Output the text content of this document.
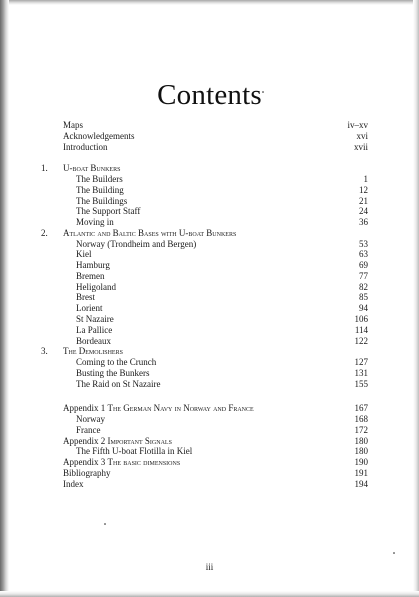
Contents
Maps	iv–xv
Acknowledgements	xvi
Introduction	xvii
1. U-boat Bunkers
The Builders	1
The Building	12
The Buildings	21
The Support Staff	24
Moving in	36
2. Atlantic and Baltic Bases with U-boat Bunkers
Norway (Trondheim and Bergen)	53
Kiel	63
Hamburg	69
Bremen	77
Heligoland	82
Brest	85
Lorient	94
St Nazaire	106
La Pallice	114
Bordeaux	122
3. The Demolishers
Coming to the Crunch	127
Busting the Bunkers	131
The Raid on St Nazaire	155
Appendix 1 The German Navy in Norway and France	167
Norway	168
France	172
Appendix 2 Important Signals	180
The Fifth U-boat Flotilla in Kiel	180
Appendix 3 The basic dimensions	190
Bibliography	191
Index	194
iii
